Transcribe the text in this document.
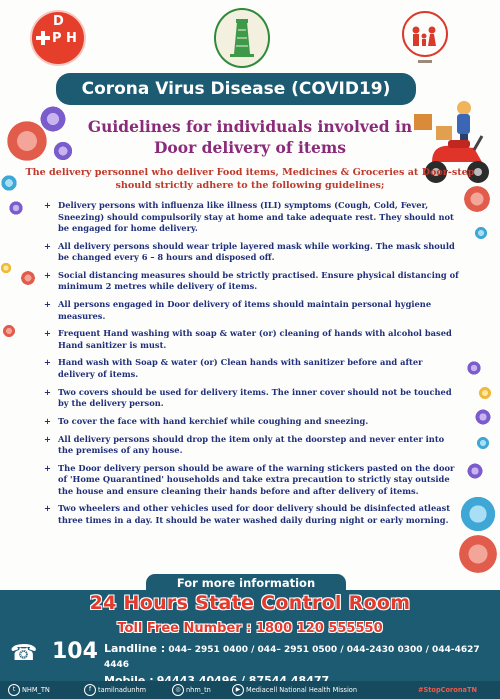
D
P H
Corona Virus Disease (COVID19)
Guidelines for individuals involved in
Door delivery of items
The delivery personnel who deliver Food items, Medicines & Groceries at Door-step should strictly adhere to the following guidelines;
+ Delivery persons with influenza like illness (ILI) symptoms (Cough, Cold, Fever, Sneezing) should compulsorily stay at home and take adequate rest. They should not be engaged for home delivery.
+ All delivery persons should wear triple layered mask while working. The mask should be changed every 6 – 8 hours and disposed off.
+ Social distancing measures should be strictly practised. Ensure physical distancing of minimum 2 metres while delivery of items.
+ All persons engaged in Door delivery of items should maintain personal hygiene measures.
+ Frequent Hand washing with soap & water (or) cleaning of hands with alcohol based Hand sanitizer is must.
+ Hand wash with Soap & water (or) Clean hands with sanitizer before and after delivery of items.
+ Two covers should be used for delivery items. The inner cover should not be touched by the delivery person.
+ To cover the face with hand kerchief while coughing and sneezing.
+ All delivery persons should drop the item only at the doorstep and never enter into the premises of any house.
+ The Door delivery person should be aware of the warning stickers pasted on the door of 'Home Quarantined' households and take extra precaution to strictly stay outside the house and ensure cleaning their hands before and after delivery of items.
+ Two wheelers and other vehicles used for door delivery should be disinfected atleast three times in a day. It should be water washed daily during night or early morning.
For more information
24 Hours State Control Room
Toll Free Number : 1800 120 555550
☎ 104 Landline : 044– 2951 0400 / 044– 2951 0500 / 044-2430 0300 / 044-4627 4446
t NHM_TN	f tamilnadunhm	◎ nhm_tn	▶ Mediacell National Health Mission	#StopCoronaTN
